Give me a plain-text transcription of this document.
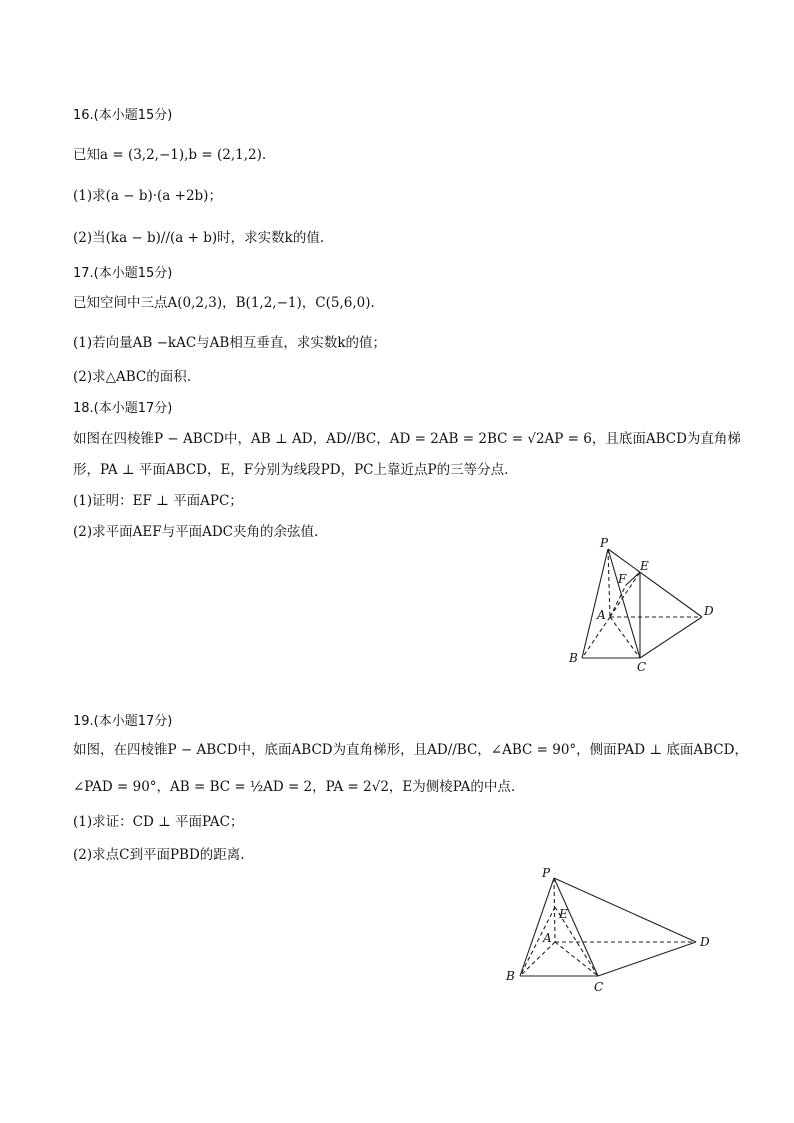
16.(本小题15分)
已知a = (3,2,−1),b = (2,1,2).
(1)求(a − b)·(a +2b)；
(2)当(ka − b)//(a + b)时，求实数k的值.
17.(本小题15分)
已知空间中三点A(0,2,3)，B(1,2,−1)，C(5,6,0).
(1)若向量AB −kAC与AB相互垂直，求实数k的值；
(2)求△ABC的面积.
18.(本小题17分)
如图在四棱锥P − ABCD中，AB ⊥ AD，AD//BC，AD = 2AB = 2BC = √2AP = 6，且底面ABCD为直角梯
形，PA ⊥ 平面ABCD，E，F分别为线段PD，PC上靠近点P的三等分点.
(1)证明：EF ⊥ 平面APC；
(2)求平面AEF与平面ADC夹角的余弦值.
P
E
F
A	D
B
C
19.(本小题17分)
如图，在四棱锥P − ABCD中，底面ABCD为直角梯形，且AD//BC，∠ABC = 90°，侧面PAD ⊥ 底面ABCD，
∠PAD = 90°，AB = BC = ½AD = 2，PA = 2√2，E为侧棱PA的中点.
(1)求证：CD ⊥ 平面PAC；
(2)求点C到平面PBD的距离.
P
E
A	D
B
C
